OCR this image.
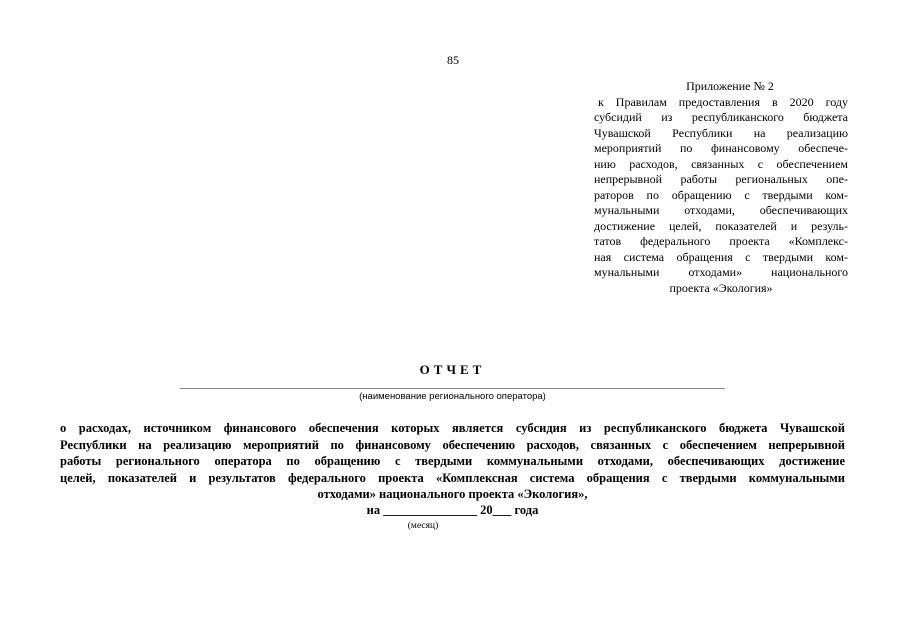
85
Приложение № 2
к Правилам предоставления в 2020 году
субсидий из республиканского бюджета
Чувашской Республики на реализацию
мероприятий по финансовому обеспече-
нию расходов, связанных с обеспечением
непрерывной работы региональных опе-
раторов по обращению с твердыми ком-
мунальными отходами, обеспечивающих
достижение целей, показателей и резуль-
татов федерального проекта «Комплекс-
ная система обращения с твердыми ком-
мунальными отходами» национального
проекта «Экология»
ОТЧЕТ
(наименование регионального оператора)
о расходах, источником финансового обеспечения которых является субсидия из республиканского бюджета Чувашской
Республики на реализацию мероприятий по финансовому обеспечению расходов, связанных с обеспечением непрерывной
работы регионального оператора по обращению с твердыми коммунальными отходами, обеспечивающих достижение
целей, показателей и результатов федерального проекта «Комплексная система обращения с твердыми коммунальными
отходами» национального проекта «Экология»,
на _______________ 20___ года
(месяц)
